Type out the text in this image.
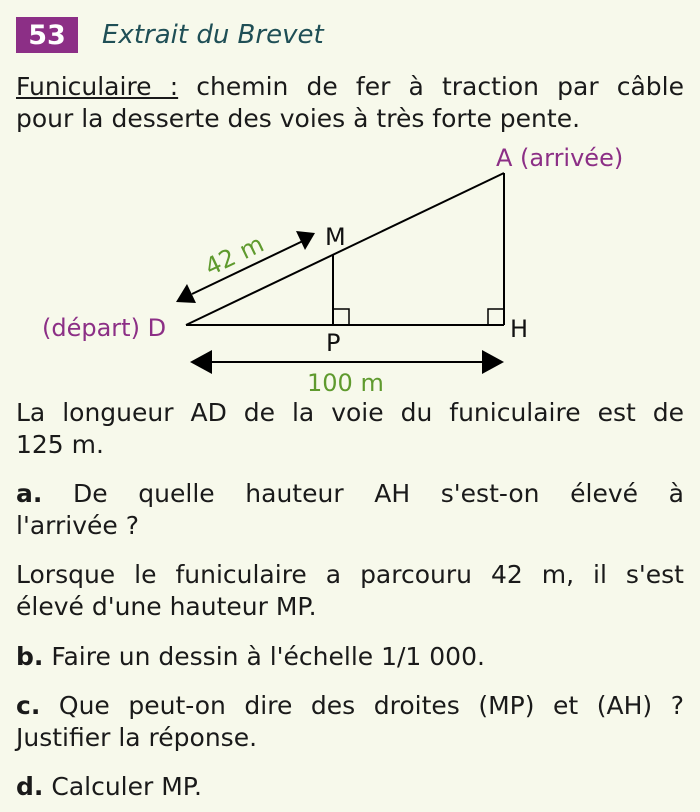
53	Extrait du Brevet
Funiculaire : chemin de fer à traction par câble
pour la desserte des voies à très forte pente.
A (arrivée)
(départ) D
M
P	H
42 m
100 m
La longueur AD de la voie du funiculaire est de
125 m.
a. De quelle hauteur AH s'est-on élevé à
l'arrivée ?
Lorsque le funiculaire a parcouru 42 m, il s'est
élevé d'une hauteur MP.
b. Faire un dessin à l'échelle 1/1 000.
c. Que peut-on dire des droites (MP) et (AH) ?
Justifier la réponse.
d. Calculer MP.
